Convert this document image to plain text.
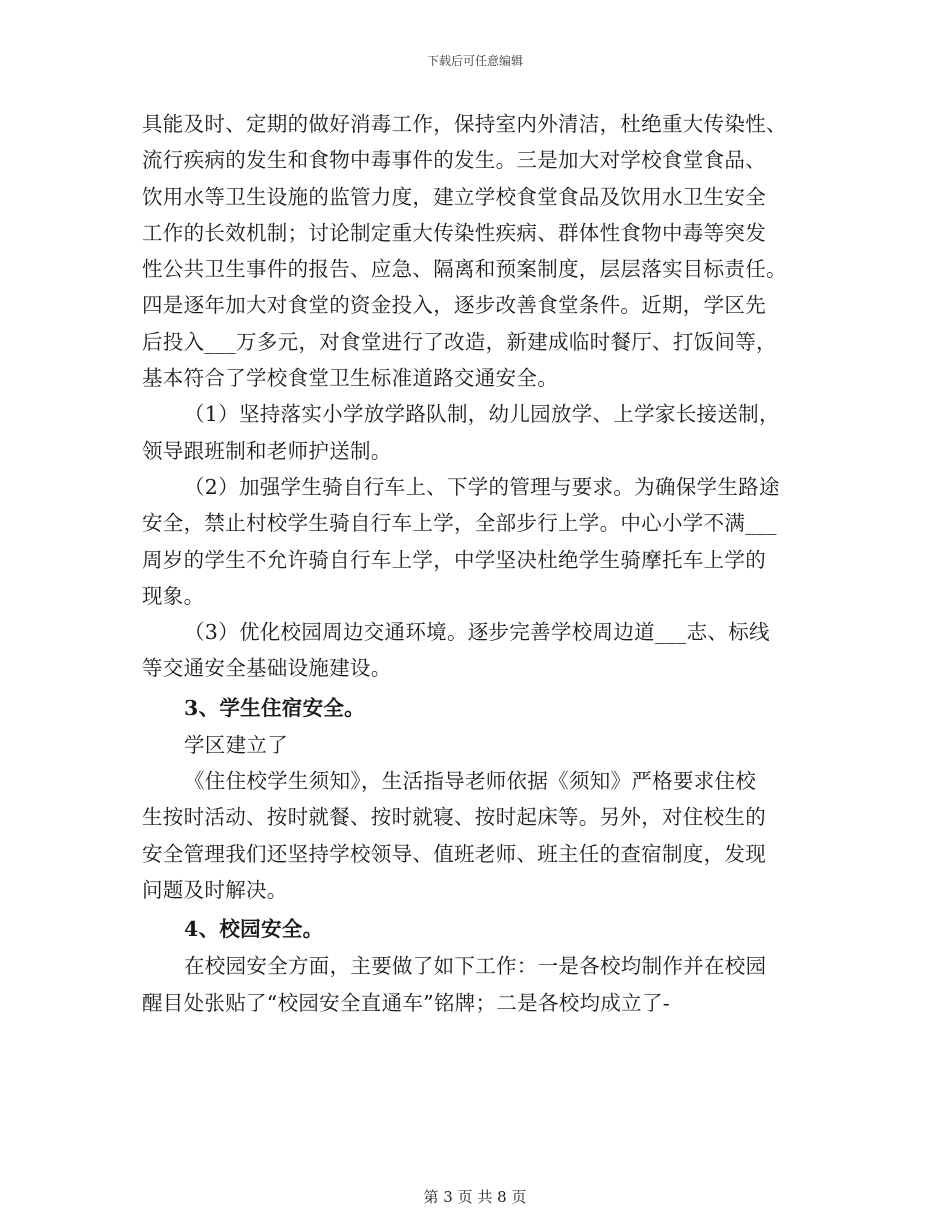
下载后可任意编辑
具能及时、定期的做好消毒工作，保持室内外清洁，杜绝重大传染性、
流行疾病的发生和食物中毒事件的发生。三是加大对学校食堂食品、
饮用水等卫生设施的监管力度，建立学校食堂食品及饮用水卫生安全
工作的长效机制；讨论制定重大传染性疾病、群体性食物中毒等突发
性公共卫生事件的报告、应急、隔离和预案制度，层层落实目标责任。
四是逐年加大对食堂的资金投入，逐步改善食堂条件。近期，学区先
后投入___万多元，对食堂进行了改造，新建成临时餐厅、打饭间等，
基本符合了学校食堂卫生标准道路交通安全。
（1）坚持落实小学放学路队制，幼儿园放学、上学家长接送制，
领导跟班制和老师护送制。
（2）加强学生骑自行车上、下学的管理与要求。为确保学生路途
安全，禁止村校学生骑自行车上学，全部步行上学。中心小学不满___
周岁的学生不允许骑自行车上学，中学坚决杜绝学生骑摩托车上学的
现象。
（3）优化校园周边交通环境。逐步完善学校周边道___志、标线
等交通安全基础设施建设。
3、学生住宿安全。
学区建立了
《住住校学生须知》，生活指导老师依据《须知》严格要求住校
生按时活动、按时就餐、按时就寝、按时起床等。另外，对住校生的
安全管理我们还坚持学校领导、值班老师、班主任的查宿制度，发现
问题及时解决。
4、校园安全。
在校园安全方面，主要做了如下工作：一是各校均制作并在校园
醒目处张贴了“校园安全直通车”铭牌；二是各校均成立了-
第 3 页 共 8 页
